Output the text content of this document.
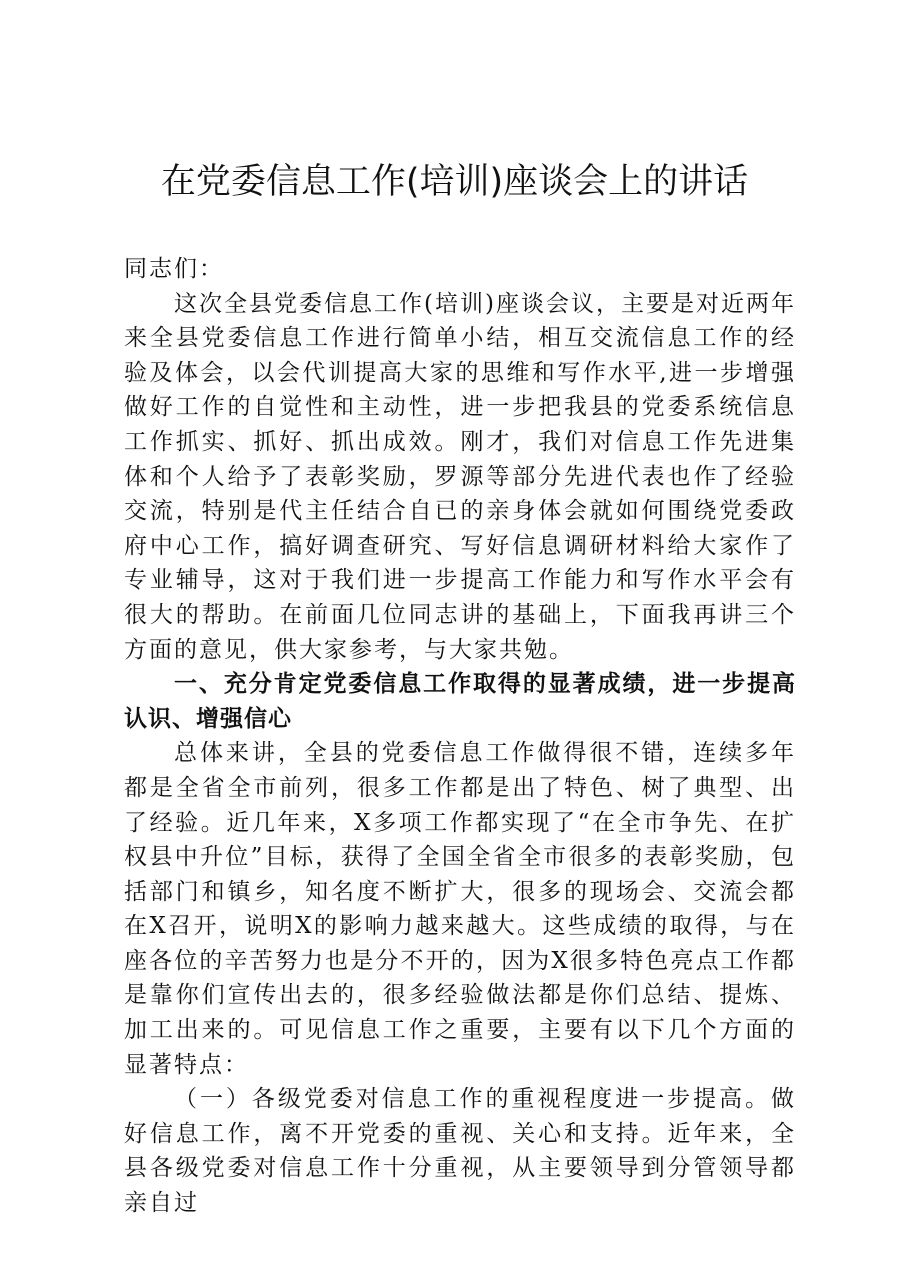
在党委信息工作(培训)座谈会上的讲话

同志们：

这次全县党委信息工作(培训)座谈会议，主要是对近两年来全县党委信息工作进行简单小结，相互交流信息工作的经验及体会，以会代训提高大家的思维和写作水平,进一步增强做好工作的自觉性和主动性，进一步把我县的党委系统信息工作抓实、抓好、抓出成效。刚才，我们对信息工作先进集体和个人给予了表彰奖励，罗源等部分先进代表也作了经验交流，特别是代主任结合自已的亲身体会就如何围绕党委政府中心工作，搞好调查研究、写好信息调研材料给大家作了专业辅导，这对于我们进一步提高工作能力和写作水平会有很大的帮助。在前面几位同志讲的基础上，下面我再讲三个方面的意见，供大家参考，与大家共勉。

一、充分肯定党委信息工作取得的显著成绩，进一步提高认识、增强信心

总体来讲，全县的党委信息工作做得很不错，连续多年都是全省全市前列，很多工作都是出了特色、树了典型、出了经验。近几年来，X多项工作都实现了“在全市争先、在扩权县中升位”目标，获得了全国全省全市很多的表彰奖励，包括部门和镇乡，知名度不断扩大，很多的现场会、交流会都在X召开，说明X的影响力越来越大。这些成绩的取得，与在座各位的辛苦努力也是分不开的，因为X很多特色亮点工作都是靠你们宣传出去的，很多经验做法都是你们总结、提炼、加工出来的。可见信息工作之重要，主要有以下几个方面的显著特点：

（一）各级党委对信息工作的重视程度进一步提高。做好信息工作，离不开党委的重视、关心和支持。近年来，全县各级党委对信息工作十分重视，从主要领导到分管领导都亲自过
